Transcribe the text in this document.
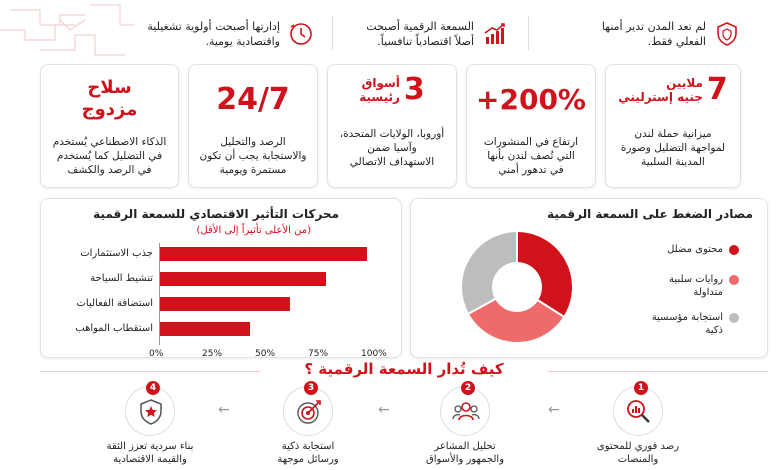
لم تعد المدن تدير أمنها
الفعلي فقط.
السمعة الرقمية أصبحت
أصلاً اقتصادياً تنافسياً.
إدارتها أصبحت أولوية تشغيلية
واقتصادية يومية.
7
ملايين
جنيه إسترليني
ميزانية حملة لندن
لمواجهة التضليل وصورة
المدينة السلبية
+200%
ارتفاع في المنشورات
التي تُصف لندن بأنها
في تدهور أمني
3
أسواق
رئيسية
أوروبا، الولايات المتحدة،
وآسيا ضمن
الاستهداف الاتصالي
24/7
الرصد والتحليل
والاستجابة يجب أن تكون
مستمرة ويومية
سلاح
مزدوج
الذكاء الاصطناعي يُستخدم
في التضليل كما يُستخدم
في الرصد والكشف
مصادر الضغط على السمعة الرقمية
محتوى مضلل
روايات سلبية
متداولة
استجابة مؤسسية
ذكية
محركات التأثير الاقتصادي للسمعة الرقمية
(من الأعلى تأثيراً إلى الأقل)
جذب الاستثمارات
تنشيط السياحة
استضافة الفعاليات
استقطاب المواهب
0%	25%	50%	75%	100%
كيف تُدار السمعة الرقمية ؟
1
رصد فوري للمحتوى
والمنصات
←
2
تحليل المشاعر
والجمهور والأسواق
←
3
استجابة ذكية
ورسائل موجهة
←
4
بناء سردية تعزز الثقة
والقيمة الاقتصادية
